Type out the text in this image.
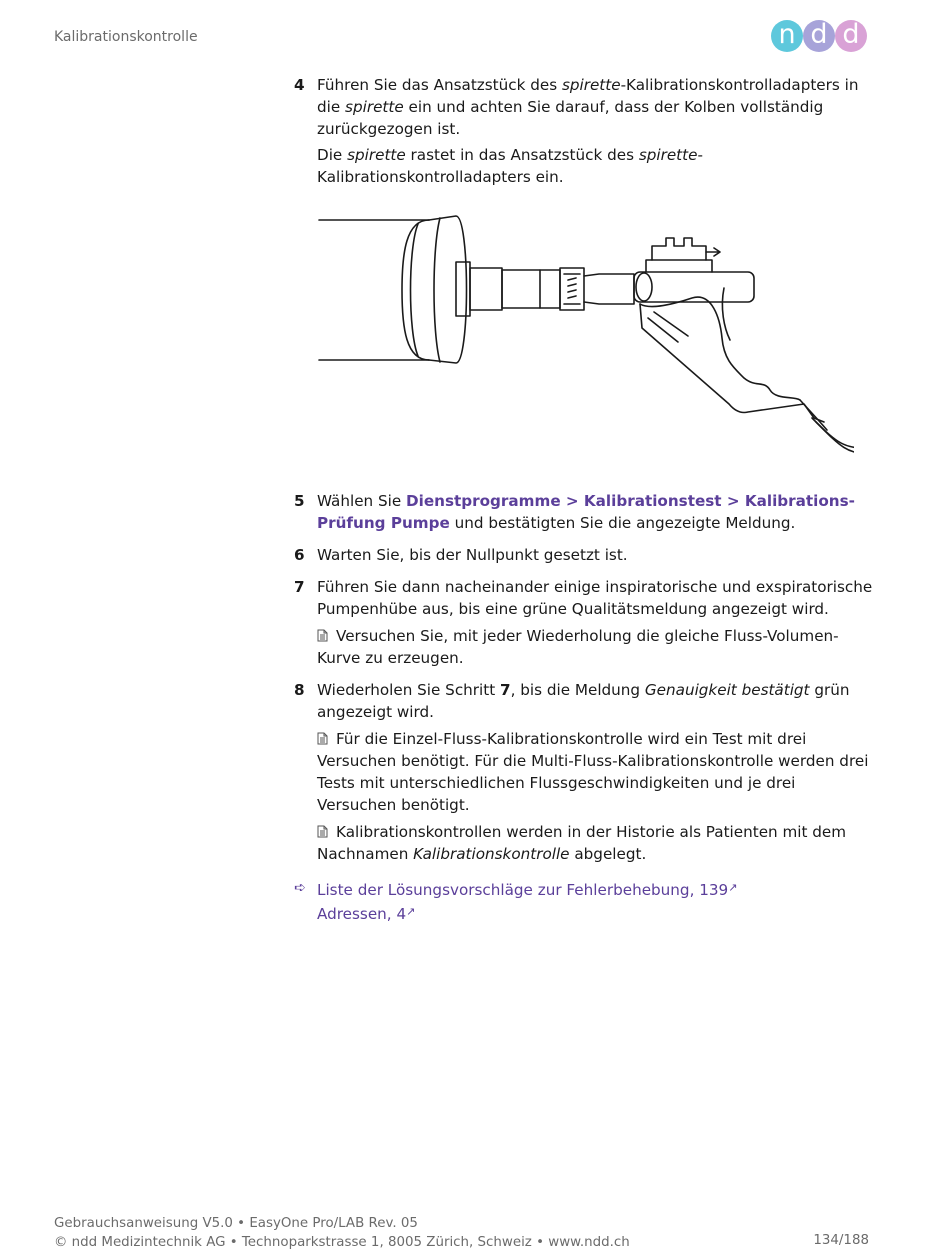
Kalibrationskontrolle	n d d
4 Führen Sie das Ansatzstück des spirette-Kalibrationskontrolladapters in die spirette ein und achten Sie darauf, dass der Kolben vollständig zurückgezogen ist.
Die spirette rastet in das Ansatzstück des spirette-Kalibrationskontrolladapters ein.
5 Wählen Sie Dienstprogramme > Kalibrationstest > Kalibrations-Prüfung Pumpe und bestätigten Sie die angezeigte Meldung.
6 Warten Sie, bis der Nullpunkt gesetzt ist.
7 Führen Sie dann nacheinander einige inspiratorische und exspiratorische Pumpenhübe aus, bis eine grüne Qualitätsmeldung angezeigt wird.
Versuchen Sie, mit jeder Wiederholung die gleiche Fluss-Volumen-Kurve zu erzeugen.
8 Wiederholen Sie Schritt 7, bis die Meldung Genauigkeit bestätigt grün angezeigt wird.
Für die Einzel-Fluss-Kalibrationskontrolle wird ein Test mit drei Versuchen benötigt. Für die Multi-Fluss-Kalibrationskontrolle werden drei Tests mit unterschiedlichen Flussgeschwindigkeiten und je drei Versuchen benötigt.
Kalibrationskontrollen werden in der Historie als Patienten mit dem Nachnamen Kalibrationskontrolle abgelegt.
➪ Liste der Lösungsvorschläge zur Fehlerbehebung, 139↗
Adressen, 4↗
Gebrauchsanweisung V5.0 • EasyOne Pro/LAB Rev. 05
© ndd Medizintechnik AG • Technoparkstrasse 1, 8005 Zürich, Schweiz • www.ndd.ch	134/188
